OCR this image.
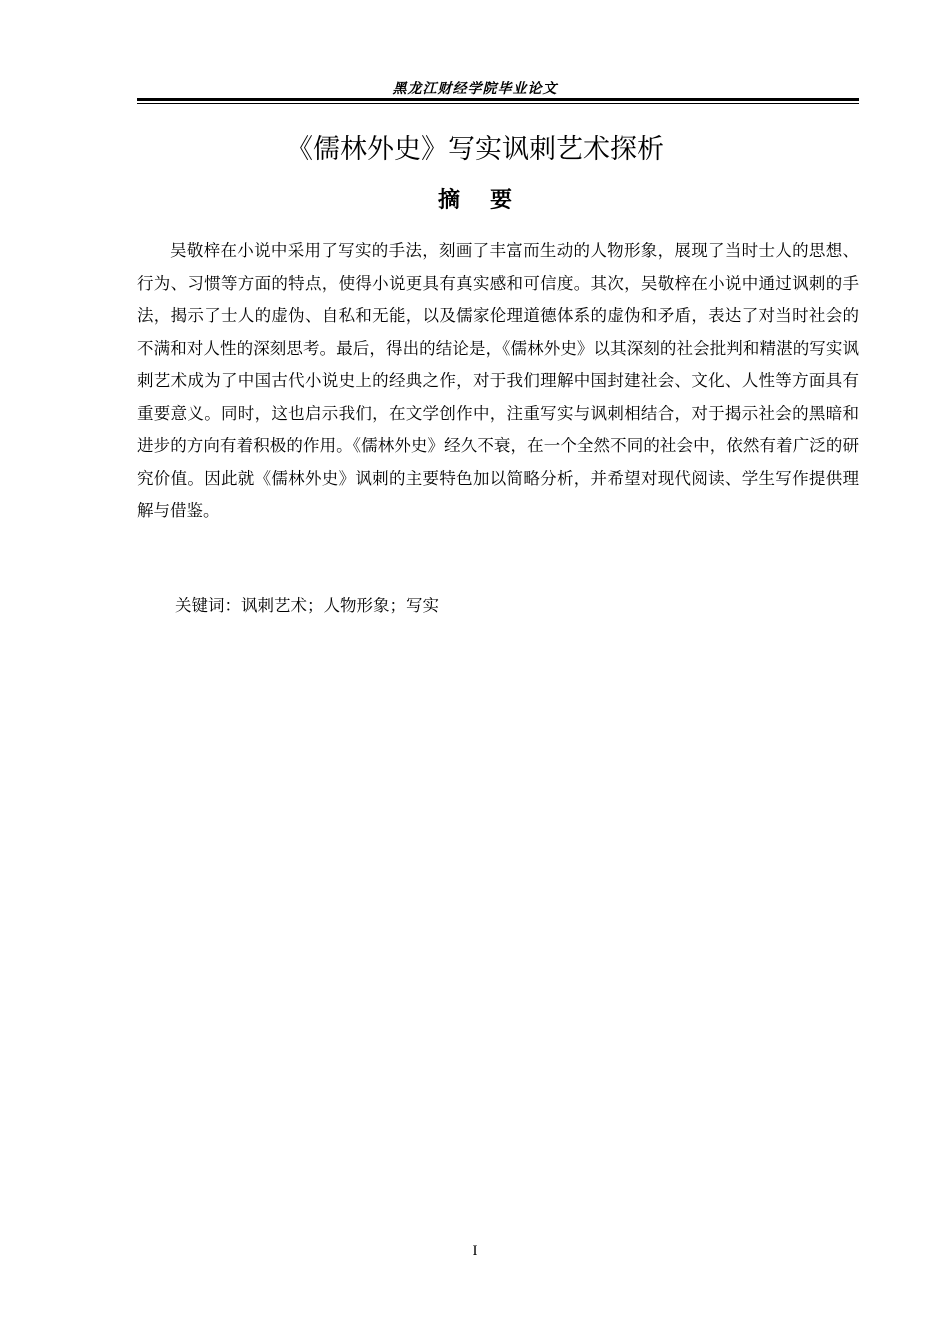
黑龙江财经学院毕业论文
《儒林外史》写实讽刺艺术探析
摘要

吴敬梓在小说中采用了写实的手法，刻画了丰富而生动的人物形象，展现了当时士人的思想、行为、习惯等方面的特点，使得小说更具有真实感和可信度。其次，吴敬梓在小说中通过讽刺的手法，揭示了士人的虚伪、自私和无能，以及儒家伦理道德体系的虚伪和矛盾，表达了对当时社会的不满和对人性的深刻思考。最后，得出的结论是，《儒林外史》以其深刻的社会批判和精湛的写实讽刺艺术成为了中国古代小说史上的经典之作，对于我们理解中国封建社会、文化、人性等方面具有重要意义。同时，这也启示我们，在文学创作中，注重写实与讽刺相结合，对于揭示社会的黑暗和进步的方向有着积极的作用。《儒林外史》经久不衰，在一个全然不同的社会中，依然有着广泛的研究价值。因此就《儒林外史》讽刺的主要特色加以简略分析，并希望对现代阅读、学生写作提供理解与借鉴。

关键词：讽刺艺术；人物形象；写实
I
